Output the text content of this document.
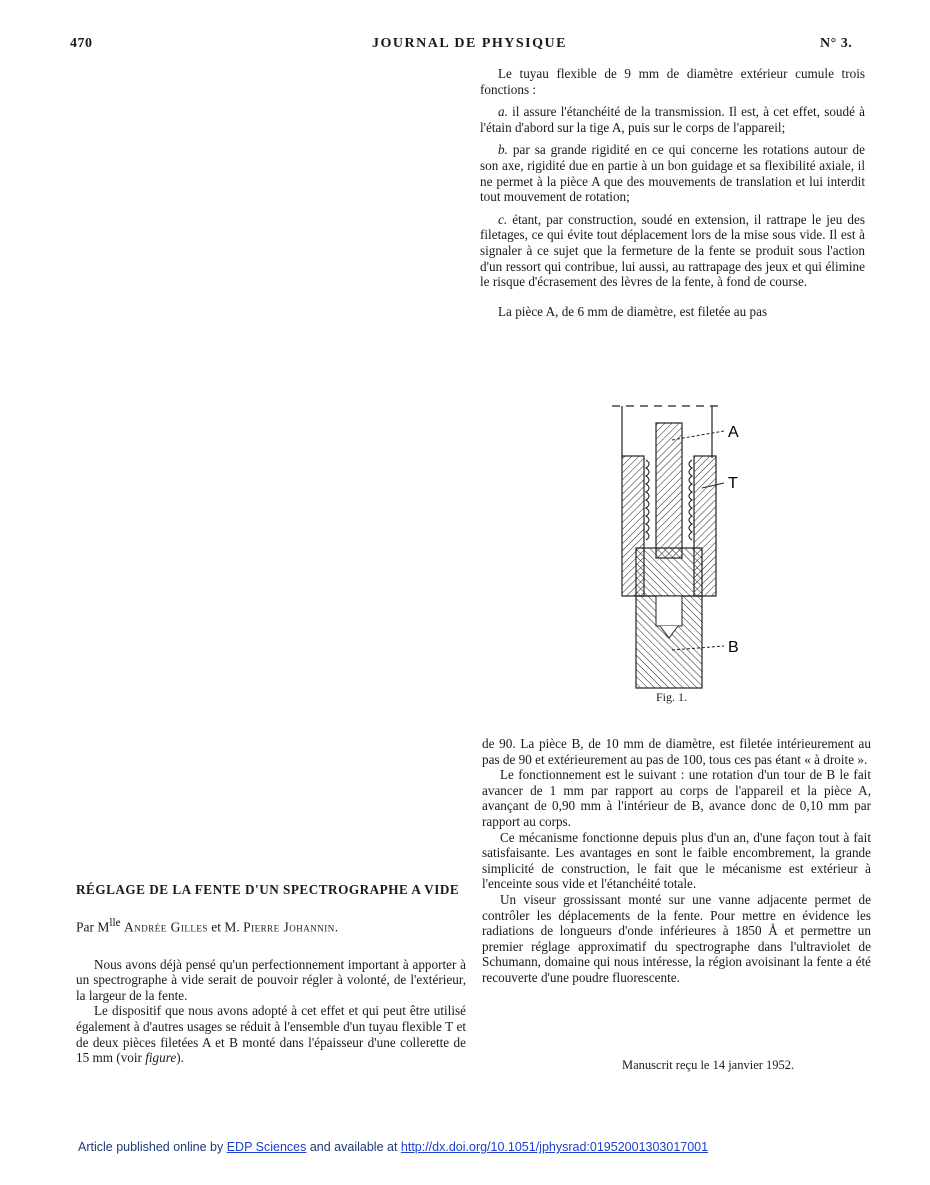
470	JOURNAL DE PHYSIQUE	N° 3.

Le tuyau flexible de 9 mm de diamètre extérieur cumule trois fonctions :

a. il assure l'étanchéité de la transmission. Il est, à cet effet, soudé à l'étain d'abord sur la tige A, puis sur le corps de l'appareil;

b. par sa grande rigidité en ce qui concerne les rotations autour de son axe, rigidité due en partie à un bon guidage et sa flexibilité axiale, il ne permet à la pièce A que des mouvements de translation et lui interdit tout mouvement de rotation;

c. étant, par construction, soudé en extension, il rattrape le jeu des filetages, ce qui évite tout déplacement lors de la mise sous vide. Il est à signaler à ce sujet que la fermeture de la fente se produit sous l'action d'un ressort qui contribue, lui aussi, au rattrapage des jeux et qui élimine le risque d'écrasement des lèvres de la fente, à fond de course.

La pièce A, de 6 mm de diamètre, est filetée au pas

A
T
B
Fig. 1.

de 90. La pièce B, de 10 mm de diamètre, est filetée intérieurement au pas de 90 et extérieurement au pas de 100, tous ces pas étant « à droite ».

Le fonctionnement est le suivant : une rotation d'un tour de B le fait avancer de 1 mm par rapport au corps de l'appareil et la pièce A, avançant de 0,90 mm à l'intérieur de B, avance donc de 0,10 mm par rapport au corps.

Ce mécanisme fonctionne depuis plus d'un an, d'une façon tout à fait satisfaisante. Les avantages en sont le faible encombrement, la grande simplicité de construction, le fait que le mécanisme est extérieur à l'enceinte sous vide et l'étanchéité totale.

Un viseur grossissant monté sur une vanne adjacente permet de contrôler les déplacements de la fente. Pour mettre en évidence les radiations de longueurs d'onde inférieures à 1850 Å et permettre un premier réglage approximatif du spectrographe dans l'ultraviolet de Schumann, domaine qui nous intéresse, la région avoisinant la fente a été recouverte d'une poudre fluorescente.

Manuscrit reçu le 14 janvier 1952.

RÉGLAGE DE LA FENTE D'UN SPECTROGRAPHE A VIDE

Par $M^{lle}$ Andrée Gilles et M. Pierre Johannin.

Nous avons déjà pensé qu'un perfectionnement important à apporter à un spectrographe à vide serait de pouvoir régler à volonté, de l'extérieur, la largeur de la fente.

Le dispositif que nous avons adopté à cet effet et qui peut être utilisé également à d'autres usages se réduit à l'ensemble d'un tuyau flexible T et de deux pièces filetées A et B monté dans l'épaisseur d'une collerette de 15 mm (voir figure).

Article published online by EDP Sciences and available at http://dx.doi.org/10.1051/jphysrad:01952001303017001
